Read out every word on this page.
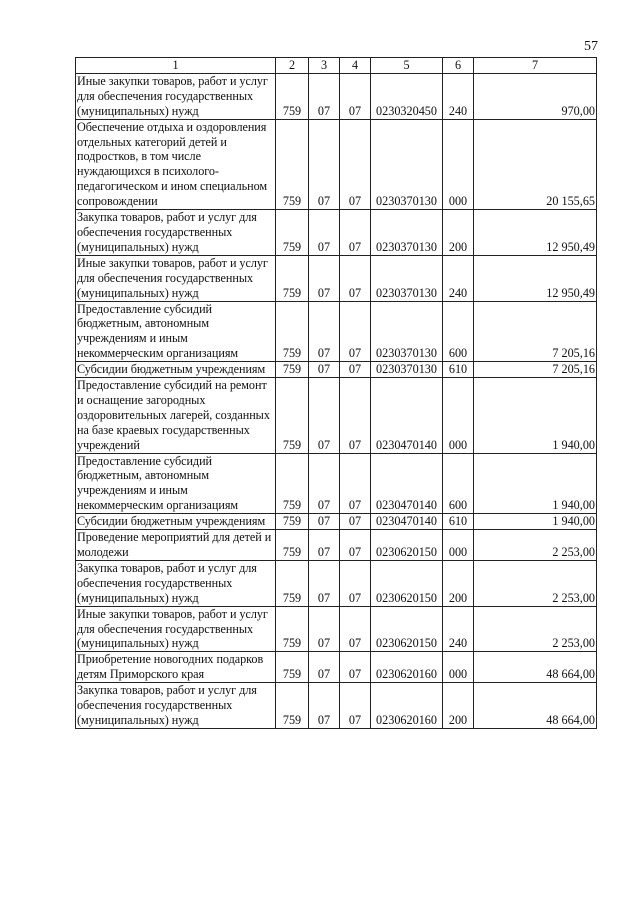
57
1	2	3	4	5	6	7
Иные закупки товаров, работ и услуг для обеспечения государственных (муниципальных) нужд	759	07	07	0230320450	240	970,00
Обеспечение отдыха и оздоровления отдельных категорий детей и подростков, в том числе нуждающихся в психолого-педагогическом и ином специальном сопровождении	759	07	07	0230370130	000	20 155,65
Закупка товаров, работ и услуг для обеспечения государственных (муниципальных) нужд	759	07	07	0230370130	200	12 950,49
Иные закупки товаров, работ и услуг для обеспечения государственных (муниципальных) нужд	759	07	07	0230370130	240	12 950,49
Предоставление субсидий бюджетным, автономным учреждениям и иным некоммерческим организациям	759	07	07	0230370130	600	7 205,16
Субсидии бюджетным учреждениям	759	07	07	0230370130	610	7 205,16
Предоставление субсидий на ремонт и оснащение загородных оздоровительных лагерей, созданных на базе краевых государственных учреждений	759	07	07	0230470140	000	1 940,00
Предоставление субсидий бюджетным, автономным учреждениям и иным некоммерческим организациям	759	07	07	0230470140	600	1 940,00
Субсидии бюджетным учреждениям	759	07	07	0230470140	610	1 940,00
Проведение мероприятий для детей и молодежи	759	07	07	0230620150	000	2 253,00
Закупка товаров, работ и услуг для обеспечения государственных (муниципальных) нужд	759	07	07	0230620150	200	2 253,00
Иные закупки товаров, работ и услуг для обеспечения государственных (муниципальных) нужд	759	07	07	0230620150	240	2 253,00
Приобретение новогодних подарков детям Приморского края	759	07	07	0230620160	000	48 664,00
Закупка товаров, работ и услуг для обеспечения государственных (муниципальных) нужд	759	07	07	0230620160	200	48 664,00
